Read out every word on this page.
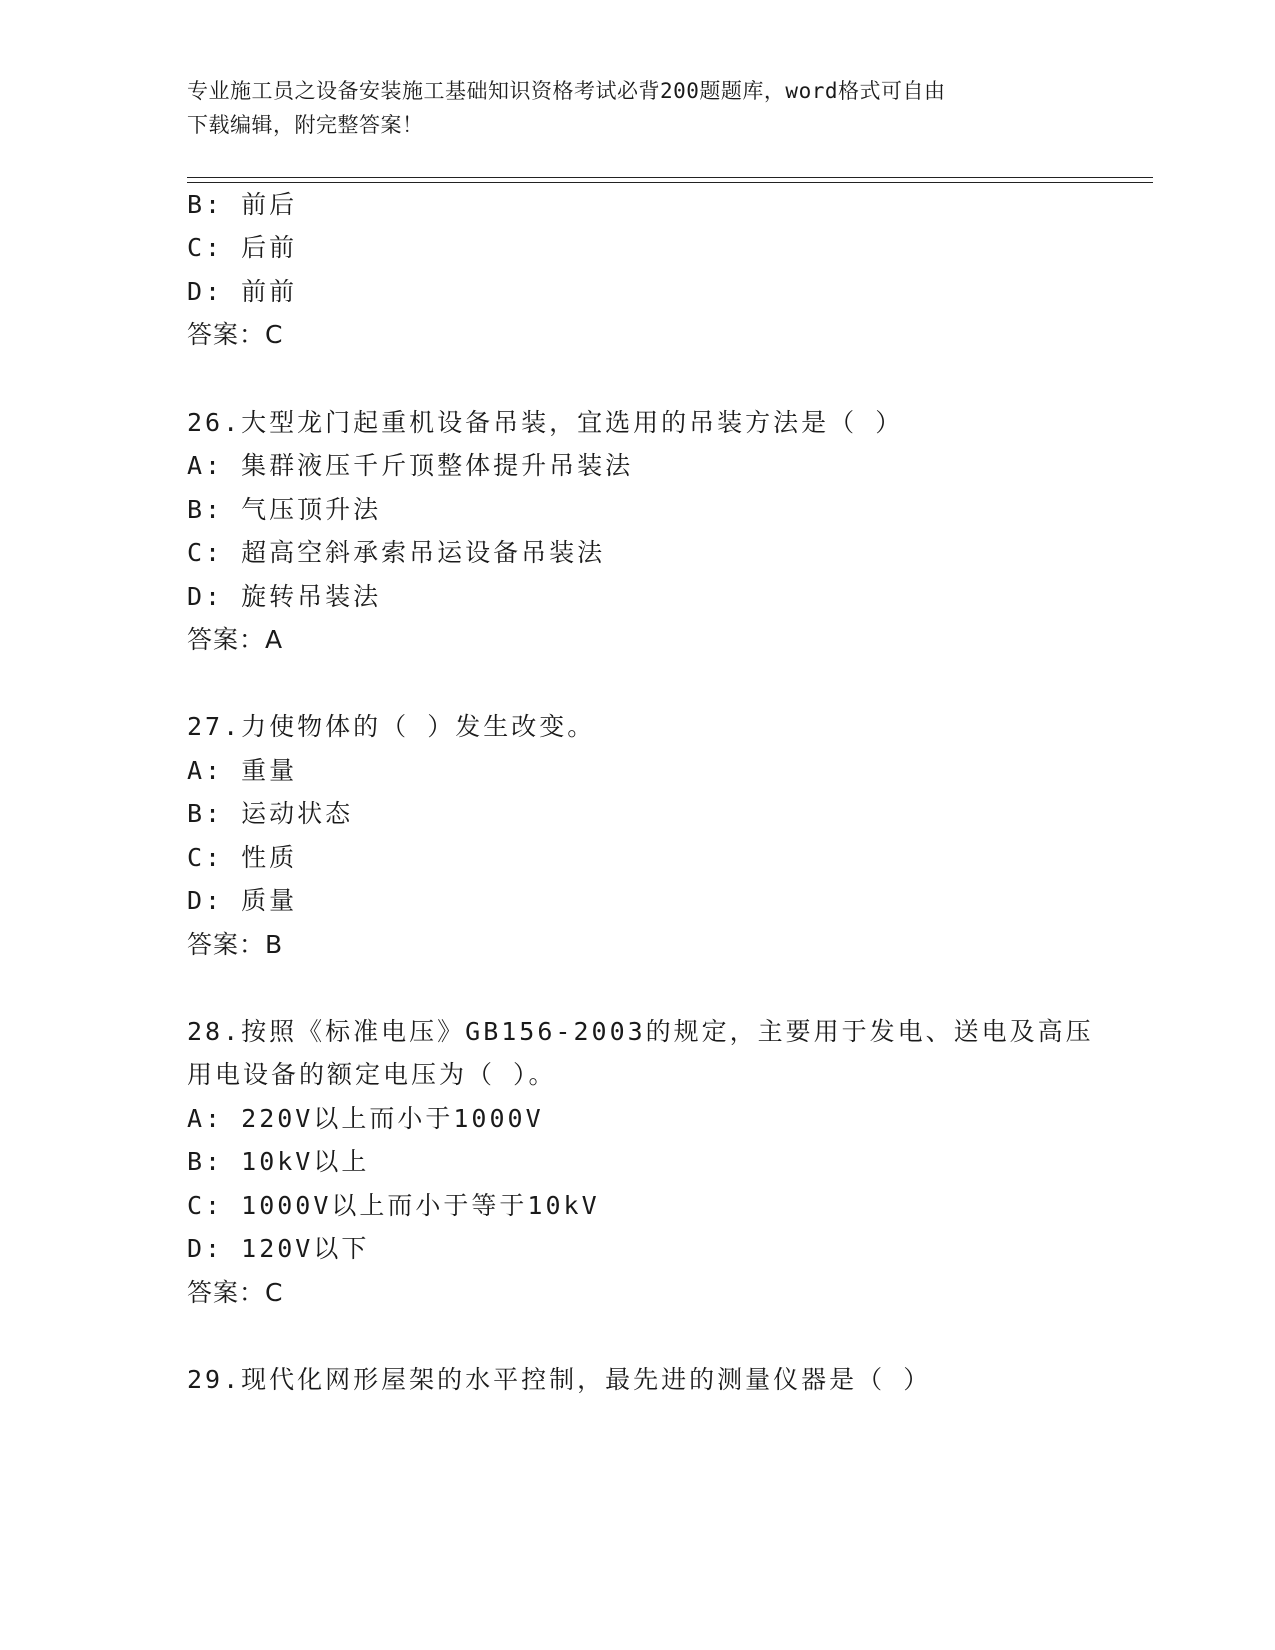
专业施工员之设备安装施工基础知识资格考试必背200题题库，word格式可自由
下载编辑，附完整答案！
B: 前后
C: 后前
D: 前前
答案：C
26.大型龙门起重机设备吊装，宜选用的吊装方法是（ ）
A: 集群液压千斤顶整体提升吊装法
B: 气压顶升法
C: 超高空斜承索吊运设备吊装法
D: 旋转吊装法
答案：A
27.力使物体的（ ）发生改变。
A: 重量
B: 运动状态
C: 性质
D: 质量
答案：B
28.按照《标准电压》GB156-2003的规定，主要用于发电、送电及高压
用电设备的额定电压为（ ）。
A: 220V以上而小于1000V
B: 10kV以上
C: 1000V以上而小于等于10kV
D: 120V以下
答案：C
29.现代化网形屋架的水平控制，最先进的测量仪器是（ ）
